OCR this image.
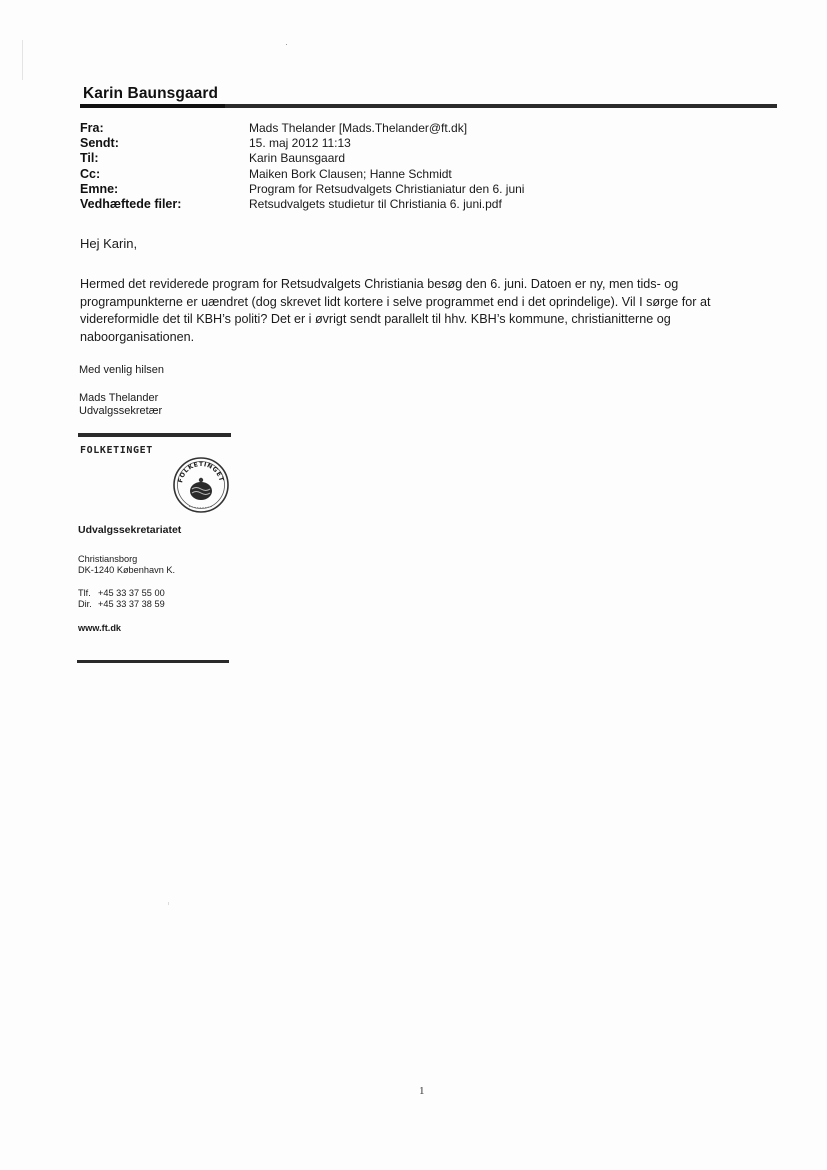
Karin Baunsgaard
Fra:	Mads Thelander [Mads.Thelander@ft.dk]
Sendt:	15. maj 2012 11:13
Til:	Karin Baunsgaard
Cc:	Maiken Bork Clausen; Hanne Schmidt
Emne:	Program for Retsudvalgets Christianiatur den 6. juni
Vedhæftede filer:	Retsudvalgets studietur til Christiania 6. juni.pdf
Hej Karin,
Hermed det reviderede program for Retsudvalgets Christiania besøg den 6. juni. Datoen er ny, men tids- og
programpunkterne er uændret (dog skrevet lidt kortere i selve programmet end i det oprindelige). Vil I sørge for at
videreformidle det til KBH’s politi? Det er i øvrigt sendt parallelt til hhv. KBH’s kommune, christianitterne og
naboorganisationen.
Med venlig hilsen
Mads Thelander
Udvalgssekretær
FOLKETINGET
FOLKETINGET
Udvalgssekretariatet
Christiansborg
DK-1240 København K.
Tlf. +45 33 37 55 00
Dir. +45 33 37 38 59
www.ft.dk
1
